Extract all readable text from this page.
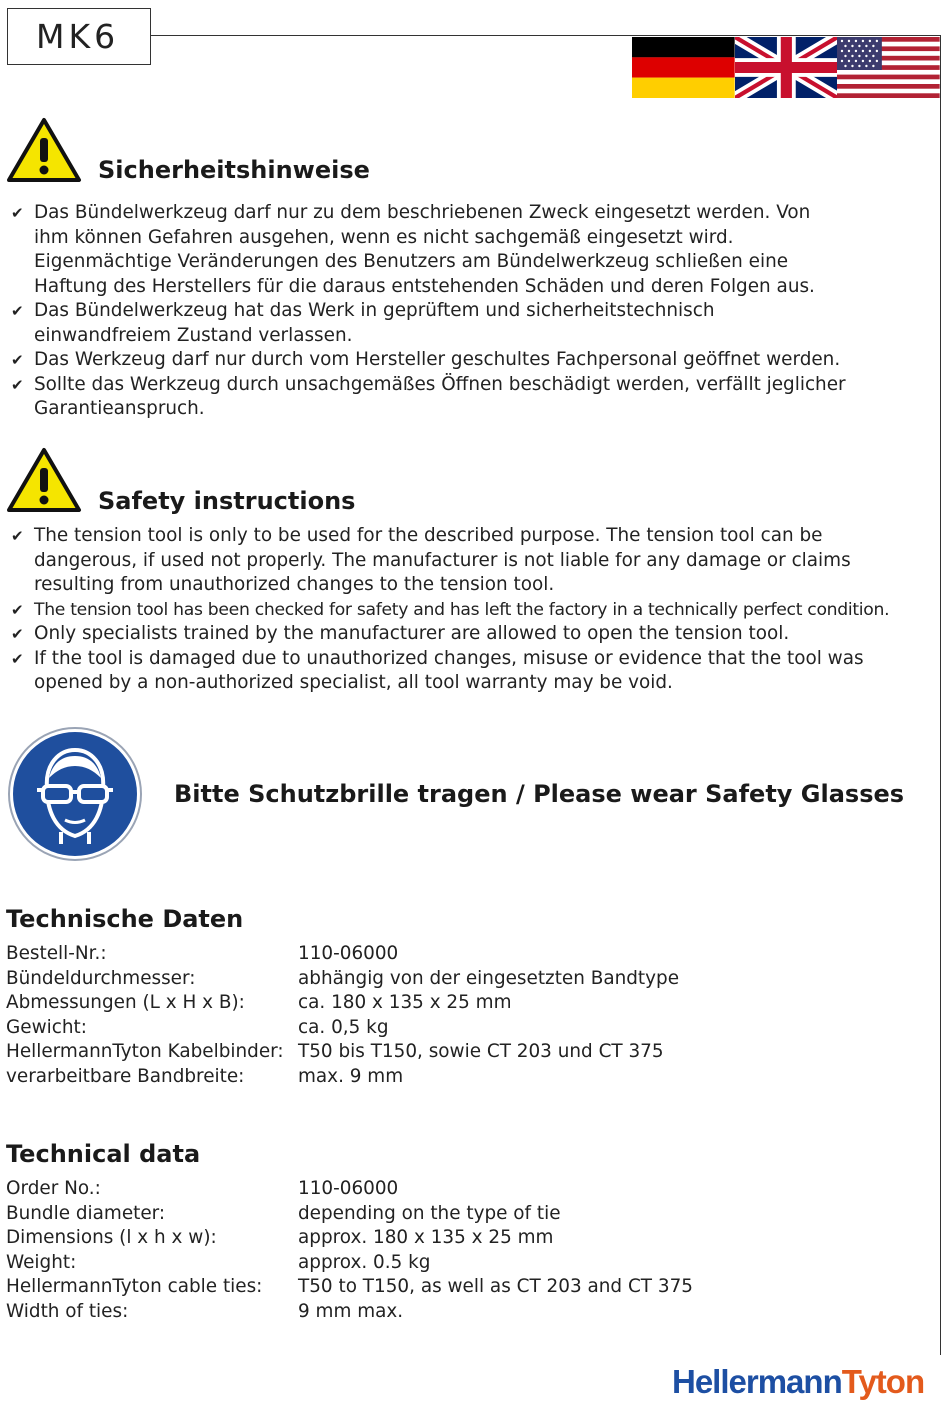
MK6
Sicherheitshinweise
✔ Das Bündelwerkzeug darf nur zu dem beschriebenen Zweck eingesetzt werden. Von ihm können Gefahren ausgehen, wenn es nicht sachgemäß eingesetzt wird. Eigenmächtige Veränderungen des Benutzers am Bündelwerkzeug schließen eine Haftung des Herstellers für die daraus entstehenden Schäden und deren Folgen aus.
✔ Das Bündelwerkzeug hat das Werk in geprüftem und sicherheitstechnisch einwandfreiem Zustand verlassen.
✔ Das Werkzeug darf nur durch vom Hersteller geschultes Fachpersonal geöffnet werden.
✔ Sollte das Werkzeug durch unsachgemäßes Öffnen beschädigt werden, verfällt jeglicher Garantieanspruch.
Safety instructions
✔ The tension tool is only to be used for the described purpose. The tension tool can be dangerous, if used not properly. The manufacturer is not liable for any damage or claims resulting from unauthorized changes to the tension tool.
✔ The tension tool has been checked for safety and has left the factory in a technically perfect condition.
✔ Only specialists trained by the manufacturer are allowed to open the tension tool.
✔ If the tool is damaged due to unauthorized changes, misuse or evidence that the tool was opened by a non-authorized specialist, all tool warranty may be void.
Bitte Schutzbrille tragen / Please wear Safety Glasses
Technische Daten
Bestell-Nr.:	110-06000
Bündeldurchmesser:	abhängig von der eingesetzten Bandtype
Abmessungen (L x H x B):	ca. 180 x 135 x 25 mm
Gewicht:	ca. 0,5 kg
HellermannTyton Kabelbinder: T50 bis T150, sowie CT 203 und CT 375
verarbeitbare Bandbreite:	max. 9 mm
Technical data
Order No.:	110-06000
Bundle diameter:	depending on the type of tie
Dimensions (l x h x w):	approx. 180 x 135 x 25 mm
Weight:	approx. 0.5 kg
HellermannTyton cable ties:	T50 to T150, as well as CT 203 and CT 375
Width of ties:	9 mm max.
HellermannTyton
